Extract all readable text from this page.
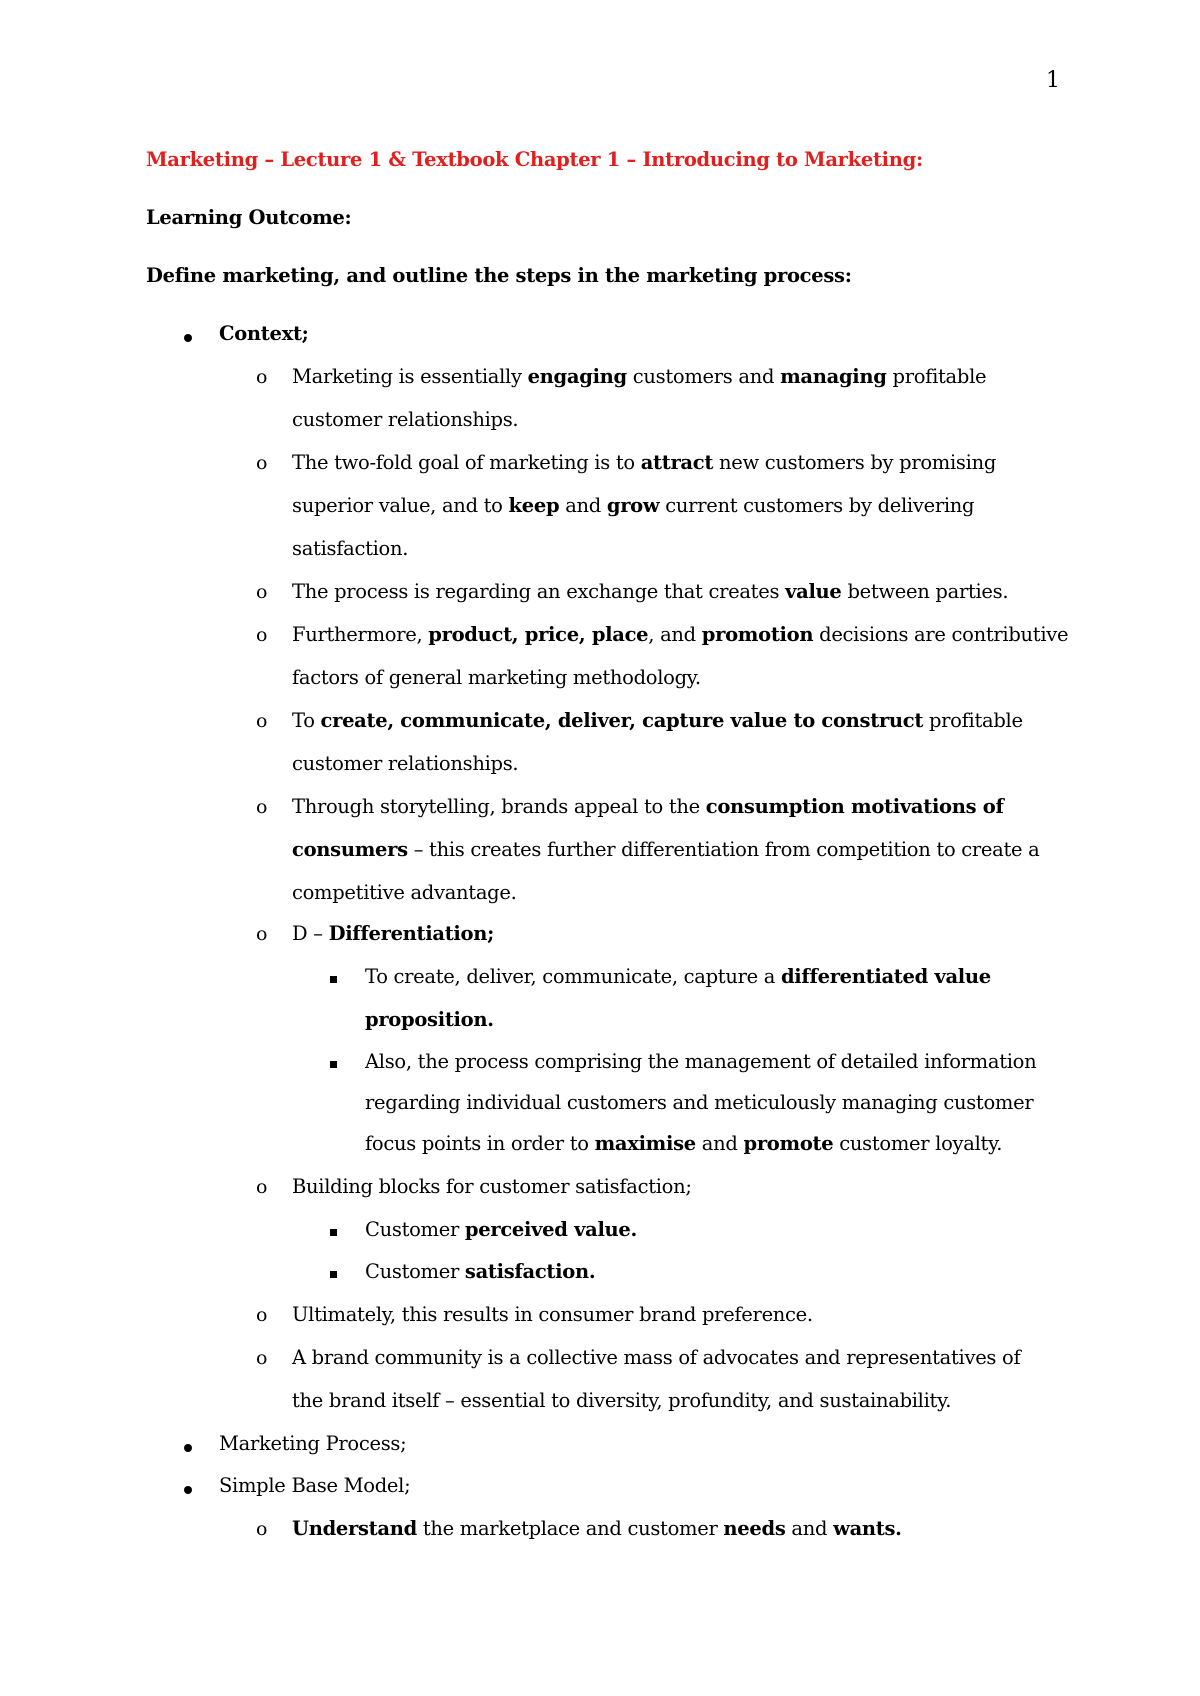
1
Marketing – Lecture 1 & Textbook Chapter 1 – Introducing to Marketing:
Learning Outcome:
Define marketing, and outline the steps in the marketing process:
Context;
o Marketing is essentially engaging customers and managing profitable
customer relationships.
o The two-fold goal of marketing is to attract new customers by promising
superior value, and to keep and grow current customers by delivering
satisfaction.
o The process is regarding an exchange that creates value between parties.
o Furthermore, product, price, place, and promotion decisions are contributive
factors of general marketing methodology.
o To create, communicate, deliver, capture value to construct profitable
customer relationships.
o Through storytelling, brands appeal to the consumption motivations of
consumers – this creates further differentiation from competition to create a
competitive advantage.
o D – Differentiation;
To create, deliver, communicate, capture a differentiated value
proposition.
Also, the process comprising the management of detailed information
regarding individual customers and meticulously managing customer
focus points in order to maximise and promote customer loyalty.
o Building blocks for customer satisfaction;
Customer perceived value.
Customer satisfaction.
o Ultimately, this results in consumer brand preference.
o A brand community is a collective mass of advocates and representatives of
the brand itself – essential to diversity, profundity, and sustainability.
Marketing Process;
Simple Base Model;
o Understand the marketplace and customer needs and wants.
